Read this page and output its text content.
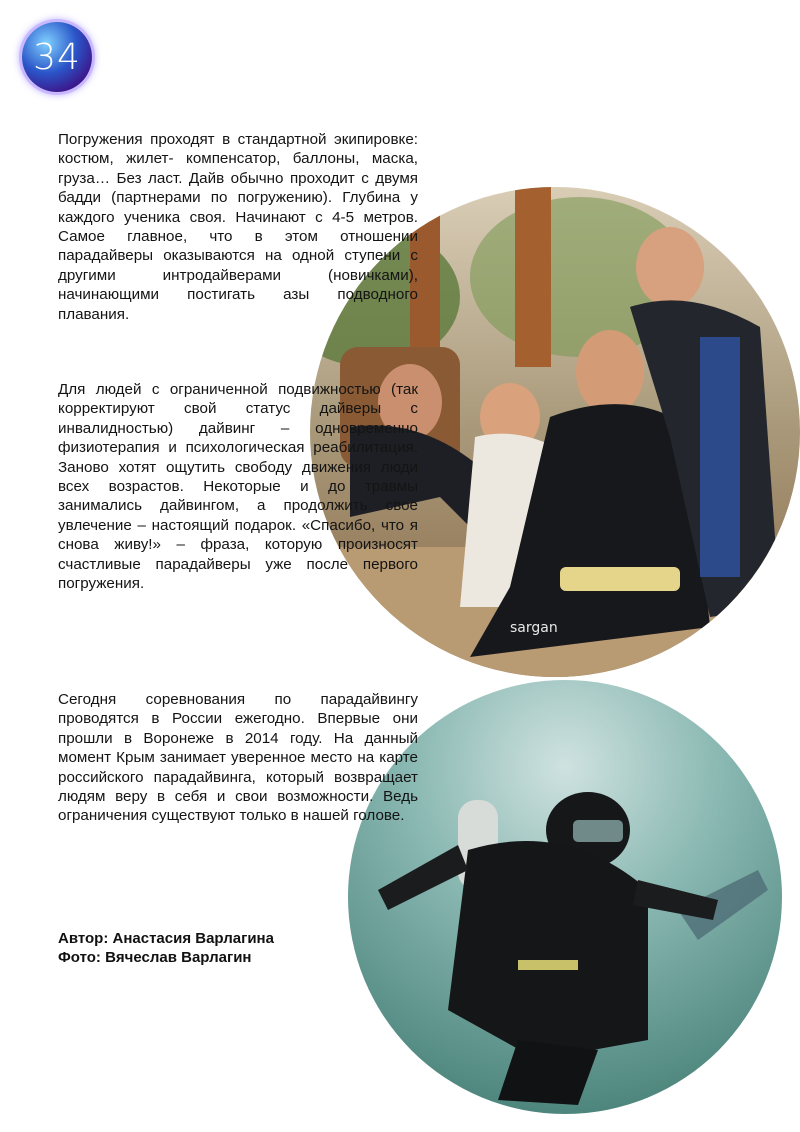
34
sargan

Погружения проходят в стандартной экипировке: костюм, жилет- компенсатор, баллоны, маска, груза… Без ласт. Дайв обычно проходит с двумя бадди (партнерами по погружению). Глубина у каждого ученика своя. Начинают с 4-5 метров. Самое главное, что в этом отношении парадайверы оказываются на одной ступени с другими интродайверами (новичками), начинающими постигать азы подводного плавания.

Для людей с ограниченной подвижностью (так корректируют свой статус дайверы с инвалидностью) дайвинг – одновременно физиотерапия и психологическая реабилитация. Заново хотят ощутить свободу движения люди всех возрастов. Некоторые и до травмы занимались дайвингом, а продолжить свое увлечение – настоящий подарок. «Спасибо, что я снова живу!» – фраза, которую произносят счастливые парадайверы уже после первого погружения.

Сегодня соревнования по парадайвингу проводятся в России ежегодно. Впервые они прошли в Воронеже в 2014 году. На данный момент Крым занимает уверенное место на карте российского парадайвинга, который возвращает людям веру в себя и свои возможности. Ведь ограничения существуют только в нашей голове.

Автор: Анастасия Варлагина
Фото: Вячеслав Варлагин
